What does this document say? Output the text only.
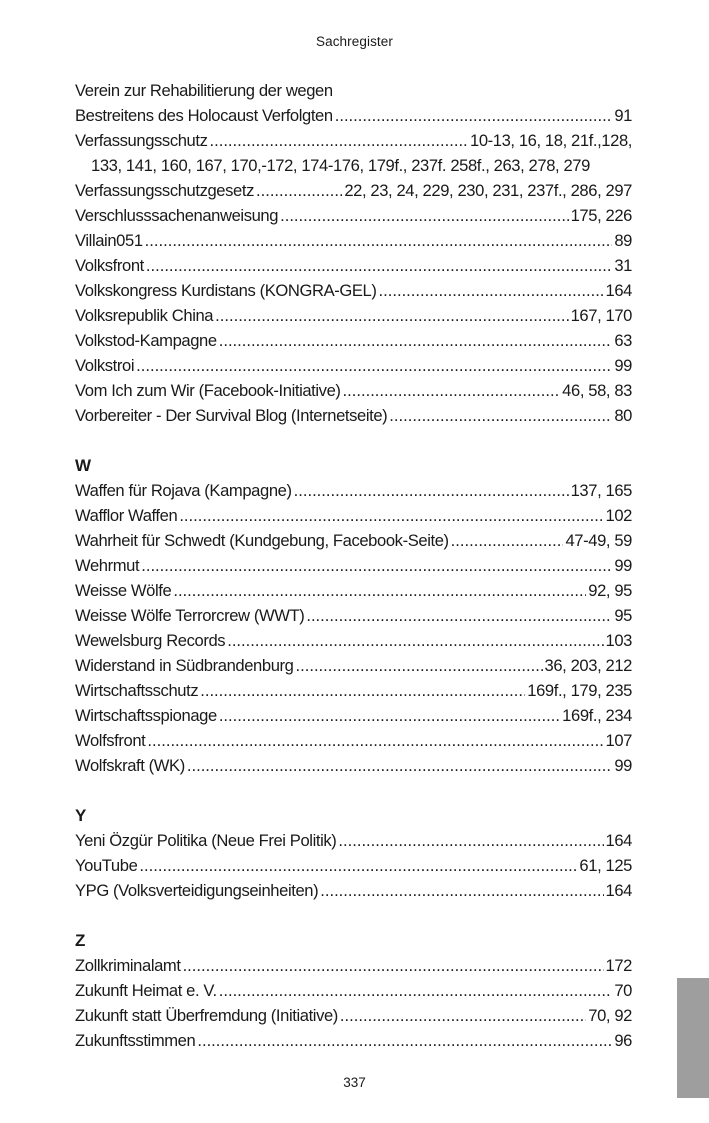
Sachregister
Verein zur Rehabilitierung der wegen
Bestreitens des Holocaust Verfolgten .....	91
Verfassungsschutz .....	10-13, 16, 18, 21f.,128,
133, 141, 160, 167, 170,-172, 174-176, 179f., 237f. 258f., 263, 278, 279
Verfassungsschutzgesetz .....	22, 23, 24, 229, 230, 231, 237f., 286, 297
Verschlusssachenanweisung .....	175, 226
Villain051 .....	89
Volksfront .....	31
Volkskongress Kurdistans (KONGRA-GEL) .....	164
Volksrepublik China .....	167, 170
Volkstod-Kampagne .....	63
Volkstroi .....	99
Vom Ich zum Wir (Facebook-Initiative) .....	46, 58, 83
Vorbereiter - Der Survival Blog (Internetseite) .....	80
W
Waffen für Rojava (Kampagne) .....	137, 165
Wafflor Waffen .....	102
Wahrheit für Schwedt (Kundgebung, Facebook-Seite) .....	47-49, 59
Wehrmut .....	99
Weisse Wölfe .....	92, 95
Weisse Wölfe Terrorcrew (WWT) .....	95
Wewelsburg Records .....	103
Widerstand in Südbrandenburg .....	36, 203, 212
Wirtschaftsschutz .....	169f., 179, 235
Wirtschaftsspionage .....	169f., 234
Wolfsfront .....	107
Wolfskraft (WK) .....	99
Y
Yeni Özgür Politika (Neue Frei Politik) .....	164
YouTube .....	61, 125
YPG (Volksverteidigungseinheiten) .....	164
Z
Zollkriminalamt .....	172
Zukunft Heimat e. V. .....	70
Zukunft statt Überfremdung (Initiative) .....	70, 92
Zukunftsstimmen .....	96
337
